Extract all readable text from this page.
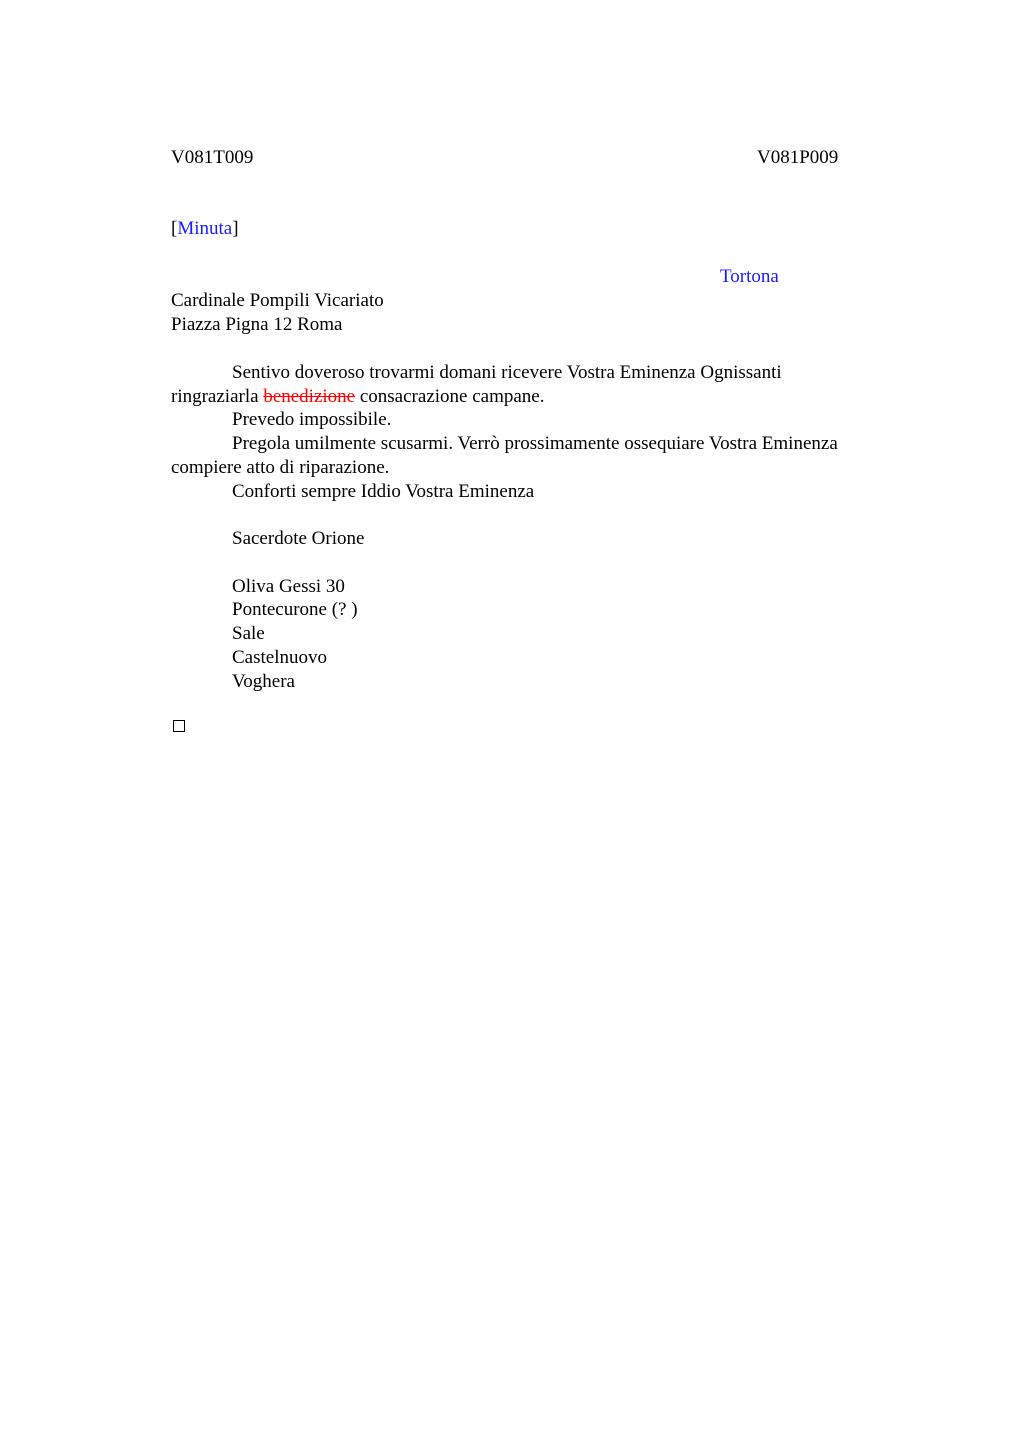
V081T009	V081P009
[Minuta]
Tortona
Cardinale Pompili Vicariato
Piazza Pigna 12 Roma
Sentivo doveroso trovarmi domani ricevere Vostra Eminenza Ognissanti
ringraziarla benedizione consacrazione campane.
Prevedo impossibile.
Pregola umilmente scusarmi. Verrò prossimamente ossequiare Vostra Eminenza
compiere atto di riparazione.
Conforti sempre Iddio Vostra Eminenza
Sacerdote Orione
Oliva Gessi 30
Pontecurone (? )
Sale
Castelnuovo
Voghera
